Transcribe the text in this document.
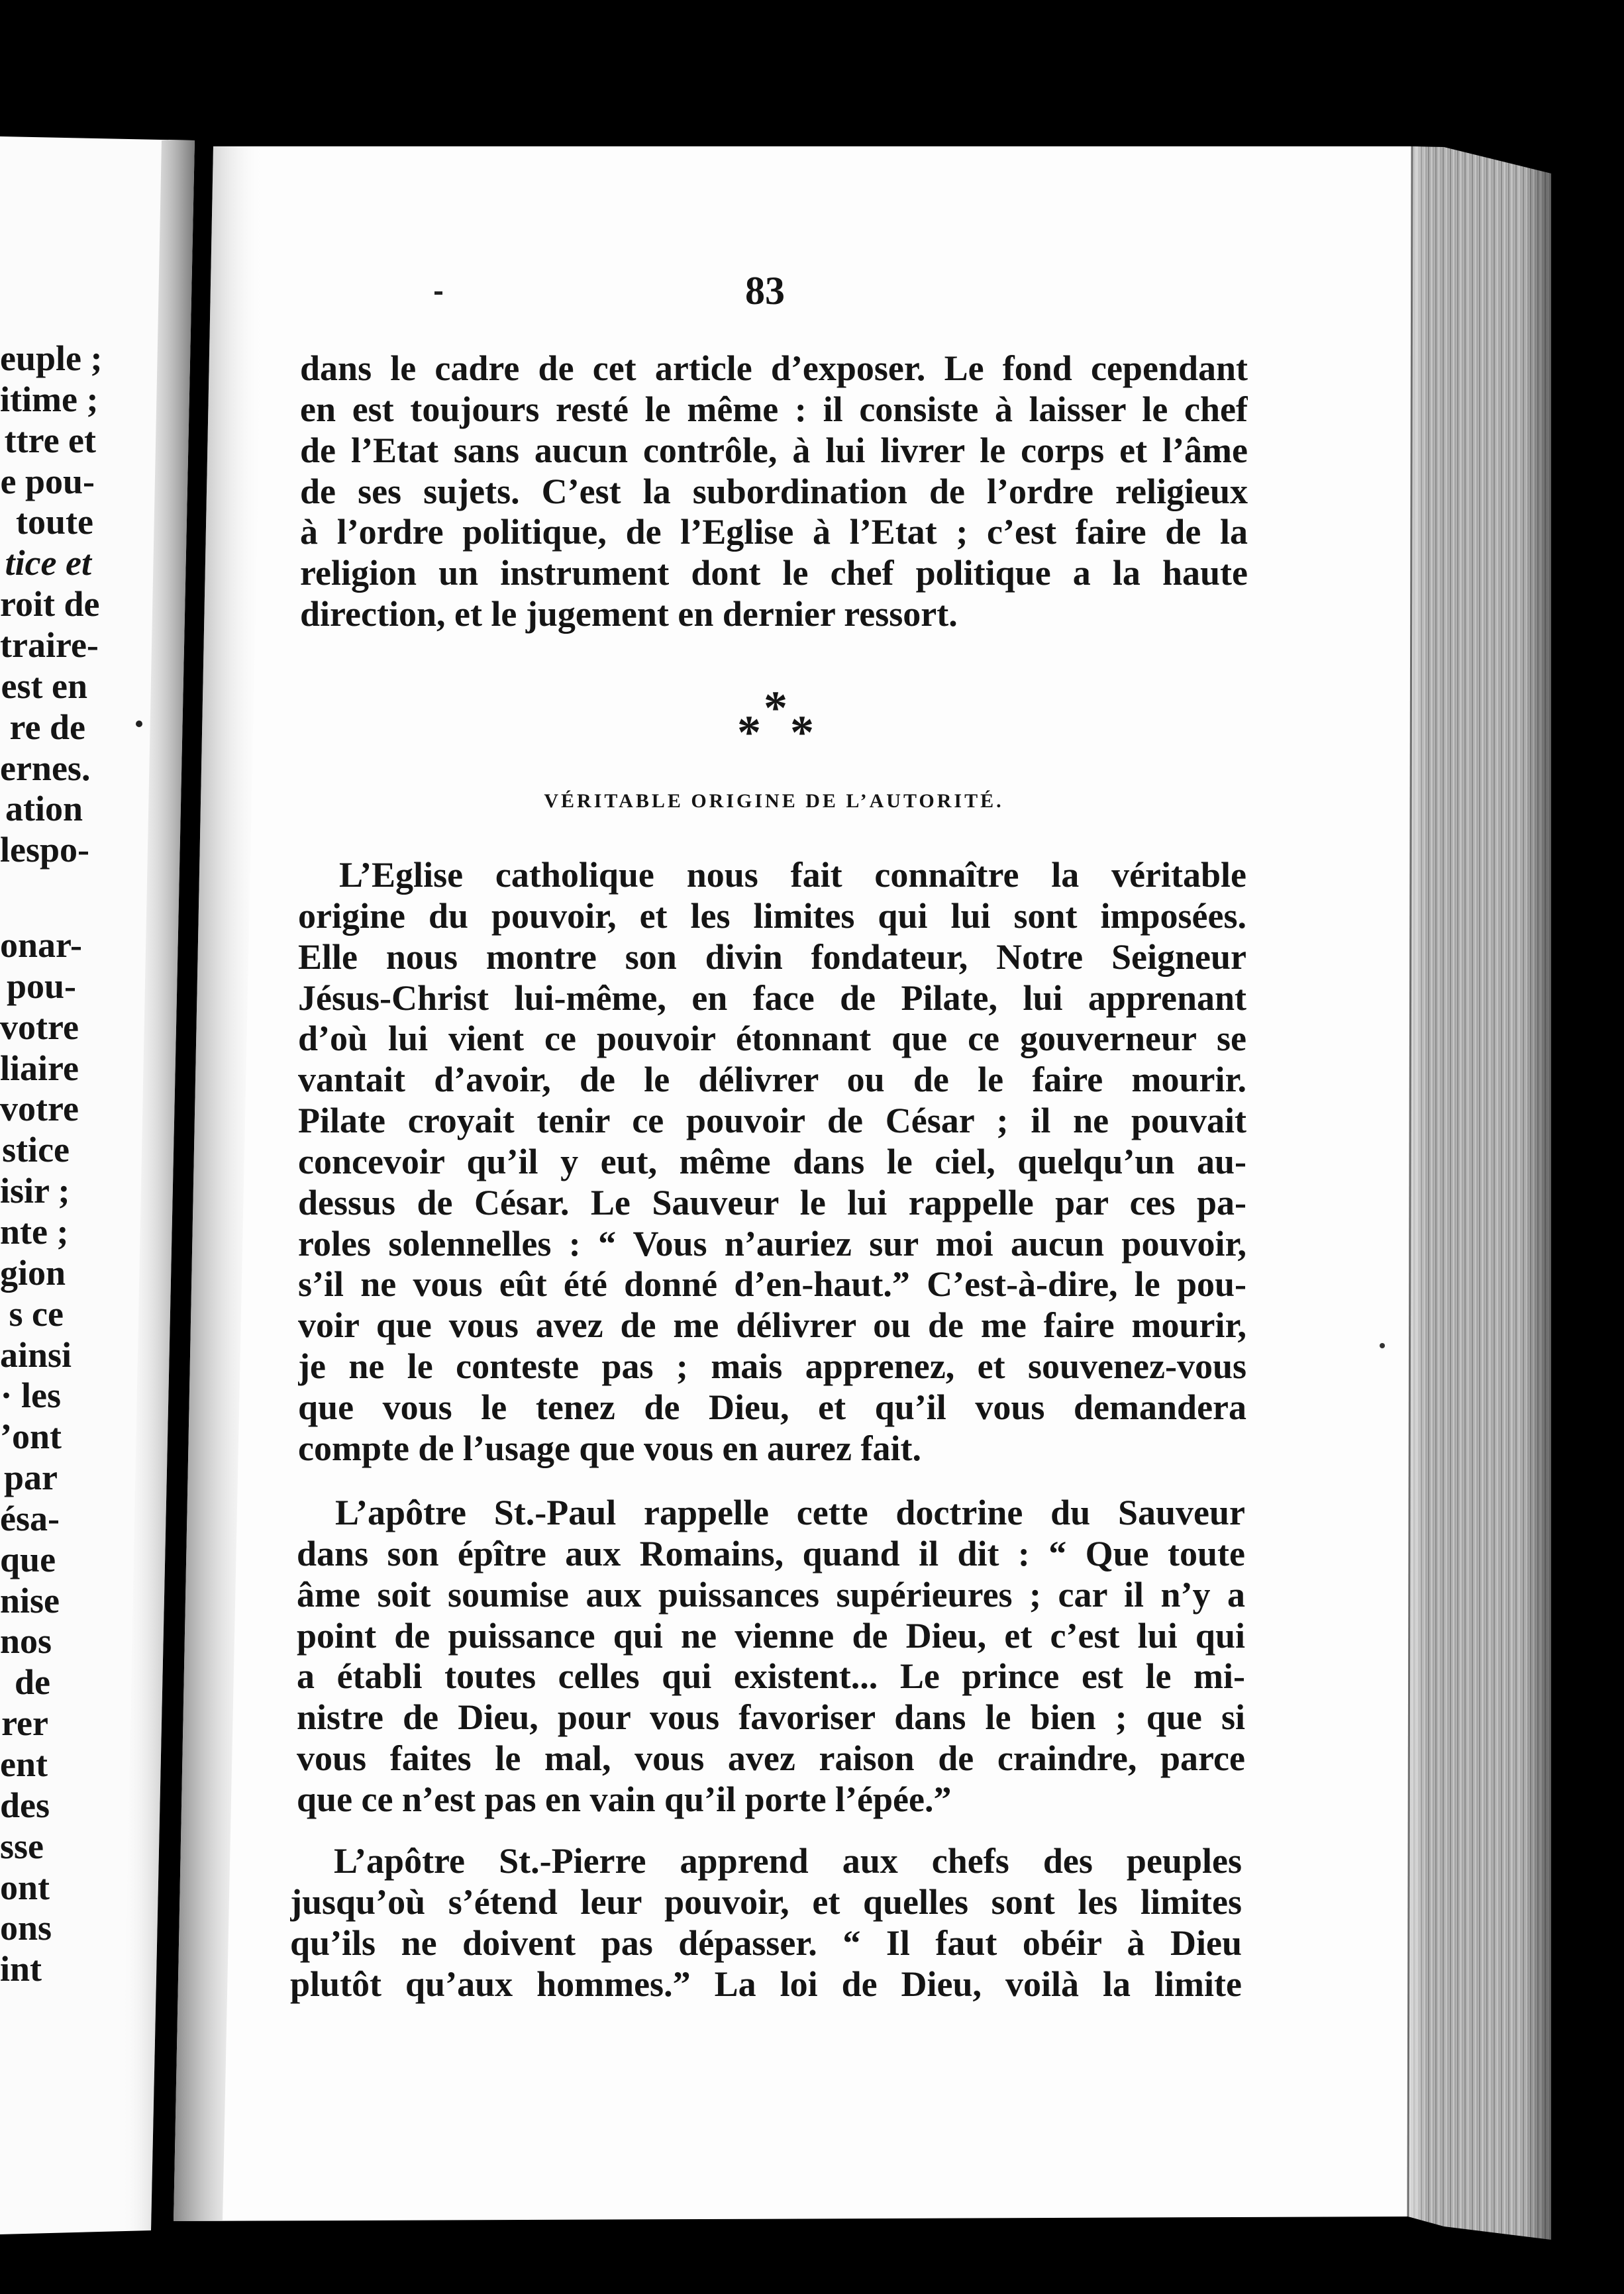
euple ;
itime ;
ttre et
e pou-
toute
tice et
roit de
traire-
est en
re de
ernes.
ation
lespo-
onar-
pou-
votre
liaire
votre
stice
isir ;
nte ;
gion
s ce
ainsi
· les
’ont
par
ésa-
que
nise
nos
de
rer
ent
des
sse
ont
ons
int
83
dans le cadre de cet article d’exposer. Le fond cependant
en est toujours resté le même : il consiste à laisser le chef
de l’Etat sans aucun contrôle, à lui livrer le corps et l’âme
de ses sujets. C’est la subordination de l’ordre religieux
à l’ordre politique, de l’Eglise à l’Etat ; c’est faire de la
religion un instrument dont le chef politique a la haute
direction, et le jugement en dernier ressort.
*
* *
VÉRITABLE ORIGINE DE L’AUTORITÉ.
L’Eglise catholique nous fait connaître la véritable
origine du pouvoir, et les limites qui lui sont imposées.
Elle nous montre son divin fondateur, Notre Seigneur
Jésus-Christ lui-même, en face de Pilate, lui apprenant
d’où lui vient ce pouvoir étonnant que ce gouverneur se
vantait d’avoir, de le délivrer ou de le faire mourir.
Pilate croyait tenir ce pouvoir de César ; il ne pouvait
concevoir qu’il y eut, même dans le ciel, quelqu’un au-
dessus de César. Le Sauveur le lui rappelle par ces pa-
roles solennelles : “ Vous n’auriez sur moi aucun pouvoir,
s’il ne vous eût été donné d’en-haut.” C’est-à-dire, le pou-
voir que vous avez de me délivrer ou de me faire mourir,
je ne le conteste pas ; mais apprenez, et souvenez-vous
que vous le tenez de Dieu, et qu’il vous demandera
compte de l’usage que vous en aurez fait.
L’apôtre St.-Paul rappelle cette doctrine du Sauveur
dans son épître aux Romains, quand il dit : “ Que toute
âme soit soumise aux puissances supérieures ; car il n’y a
point de puissance qui ne vienne de Dieu, et c’est lui qui
a établi toutes celles qui existent... Le prince est le mi-
nistre de Dieu, pour vous favoriser dans le bien ; que si
vous faites le mal, vous avez raison de craindre, parce
que ce n’est pas en vain qu’il porte l’épée.”
L’apôtre St.-Pierre apprend aux chefs des peuples
jusqu’où s’étend leur pouvoir, et quelles sont les limites
qu’ils ne doivent pas dépasser. “ Il faut obéir à Dieu
plutôt qu’aux hommes.” La loi de Dieu, voilà la limite
